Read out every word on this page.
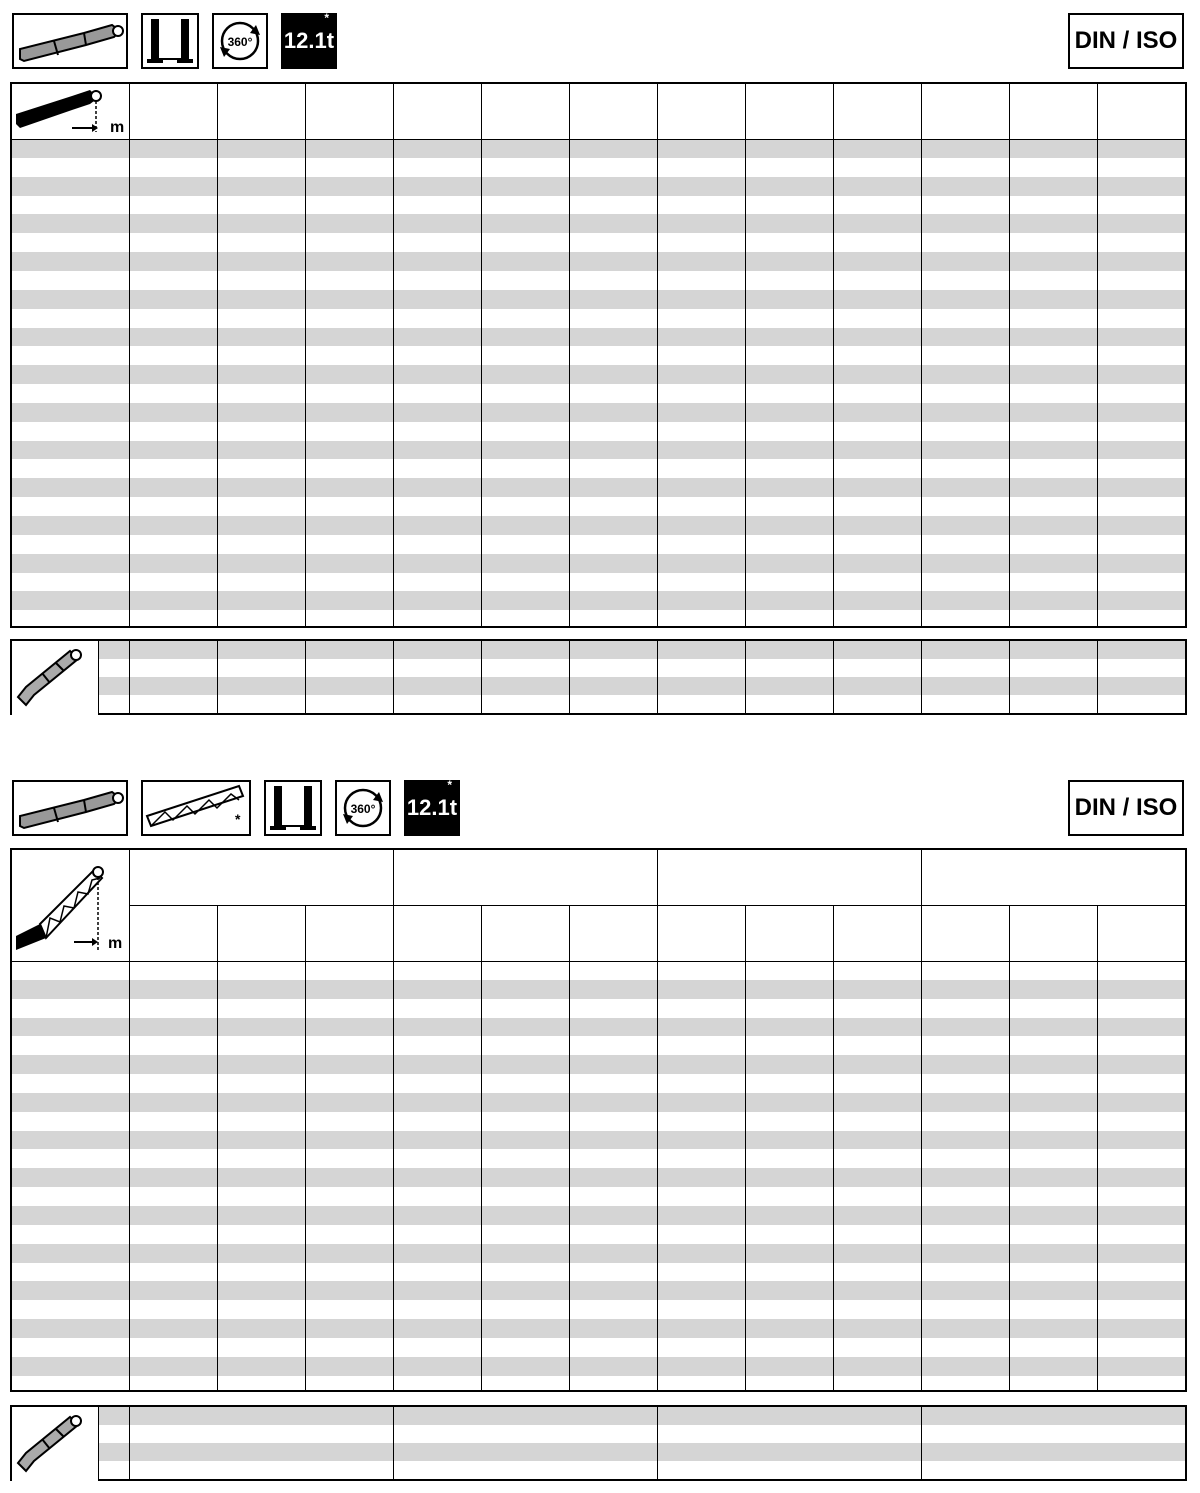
360° 12.1t
*
DIN / ISO
m
*
360° 12.1t
*
DIN / ISO
m
